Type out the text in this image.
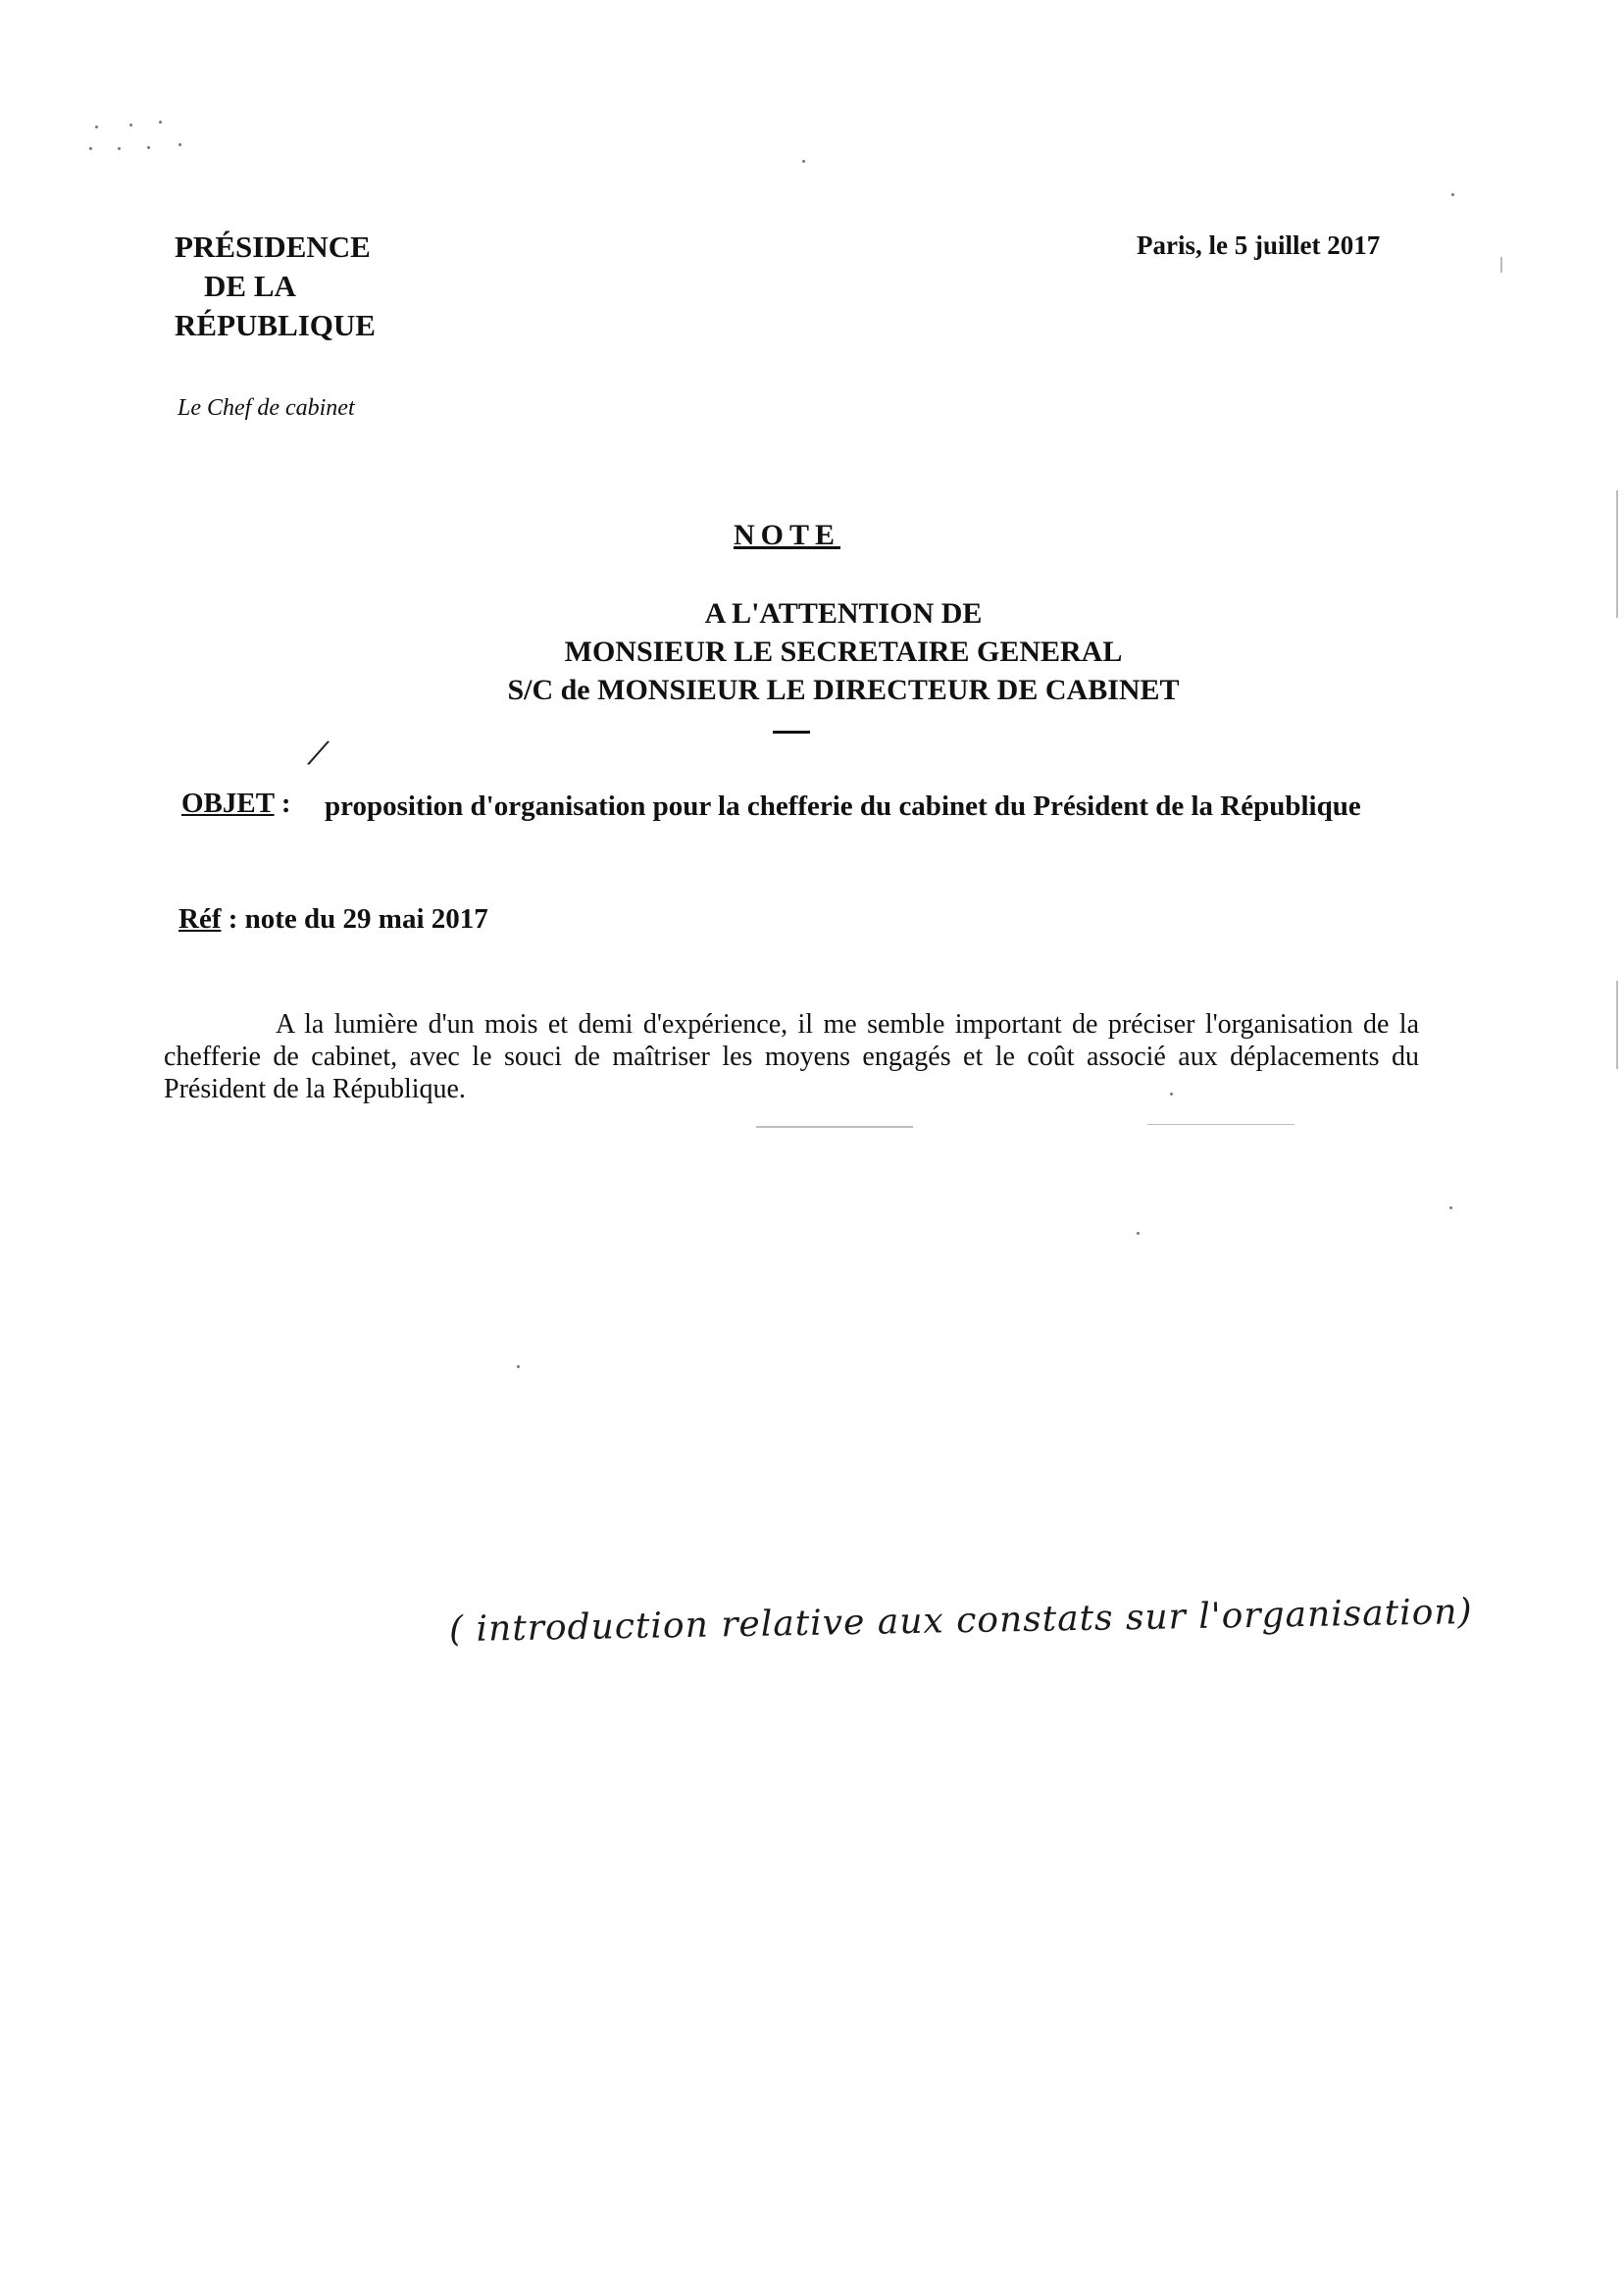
PRÉSIDENCE
DE LA
RÉPUBLIQUE
Le Chef de cabinet
Paris, le 5 juillet 2017
NOTE
A L'ATTENTION DE
MONSIEUR LE SECRETAIRE GENERAL
S/C de MONSIEUR LE DIRECTEUR DE CABINET
/
OBJET : proposition d'organisation pour la chefferie du cabinet du Président de la République
Réf : note du 29 mai 2017
A la lumière d'un mois et demi d'expérience, il me semble important de préciser l'organisation de la chefferie de cabinet, avec le souci de maîtriser les moyens engagés et le coût associé aux déplacements du Président de la République.
( introduction relative aux constats sur l'organisation)
